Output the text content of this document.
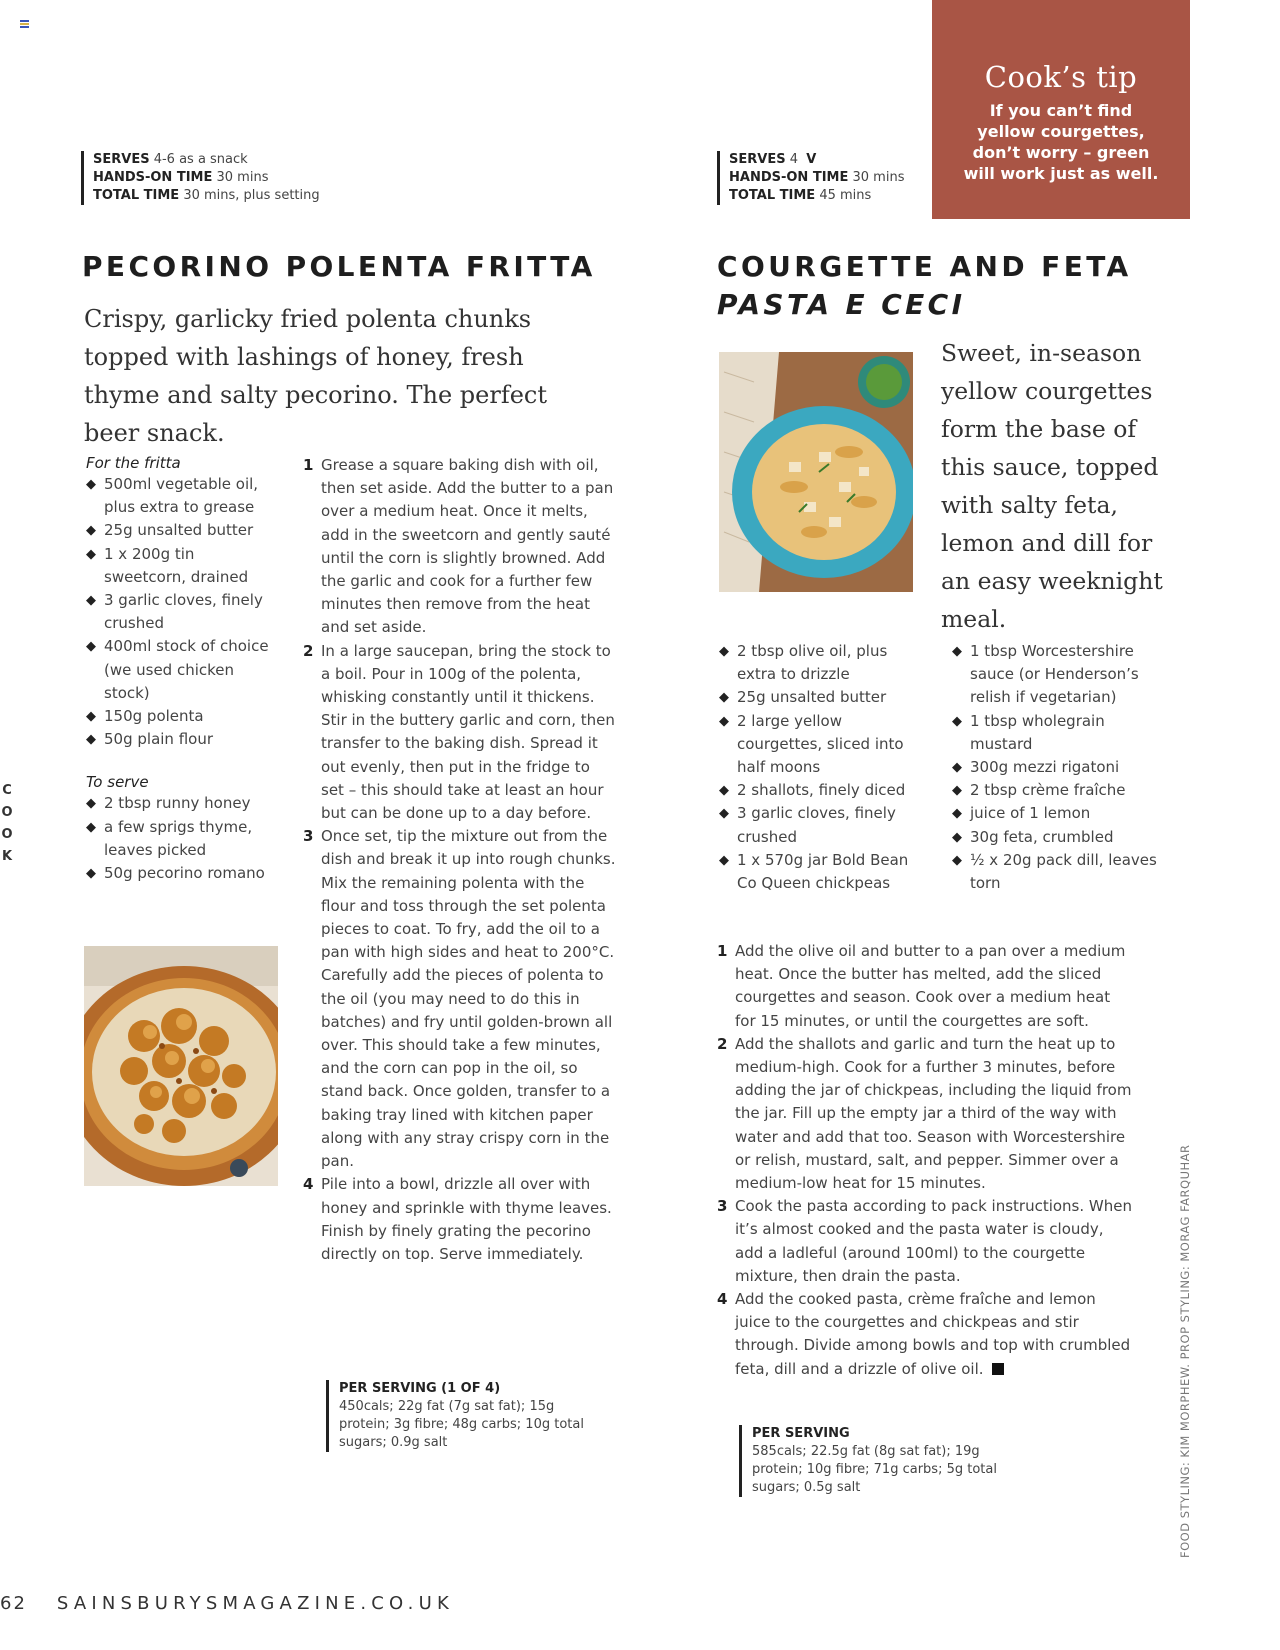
Cook’s tip
If you can’t find yellow courgettes, don’t worry – green will work just as well.
SERVES 4-6 as a snack
HANDS-ON TIME 30 mins
TOTAL TIME 30 mins, plus setting
SERVES 4 V
HANDS-ON TIME 30 mins
TOTAL TIME 45 mins
PECORINO POLENTA FRITTA	COURGETTE AND FETA
PASTA E CECI
Crispy, garlicky fried polenta chunks topped with lashings of honey, fresh thyme and salty pecorino. The perfect beer snack.
For the fritta
◆ 500ml vegetable oil, plus extra to grease
◆ 25g unsalted butter
◆ 1 x 200g tin sweetcorn, drained
◆ 3 garlic cloves, finely crushed
◆ 400ml stock of choice (we used chicken stock)
◆ 150g polenta
◆ 50g plain flour
To serve
◆ 2 tbsp runny honey
◆ a few sprigs thyme, leaves picked
◆ 50g pecorino romano
1 Grease a square baking dish with oil, then set aside. Add the butter to a pan over a medium heat. Once it melts, add in the sweetcorn and gently sauté until the corn is slightly browned. Add the garlic and cook for a further few minutes then remove from the heat and set aside.
2 In a large saucepan, bring the stock to a boil. Pour in 100g of the polenta, whisking constantly until it thickens. Stir in the buttery garlic and corn, then transfer to the baking dish. Spread it out evenly, then put in the fridge to set – this should take at least an hour but can be done up to a day before.
3 Once set, tip the mixture out from the dish and break it up into rough chunks. Mix the remaining polenta with the flour and toss through the set polenta pieces to coat. To fry, add the oil to a pan with high sides and heat to 200°C. Carefully add the pieces of polenta to the oil (you may need to do this in batches) and fry until golden-brown all over. This should take a few minutes, and the corn can pop in the oil, so stand back. Once golden, transfer to a baking tray lined with kitchen paper along with any stray crispy corn in the pan.
4 Pile into a bowl, drizzle all over with honey and sprinkle with thyme leaves. Finish by finely grating the pecorino directly on top. Serve immediately.
PER SERVING (1 OF 4)
450cals; 22g fat (7g sat fat); 15g protein; 3g fibre; 48g carbs; 10g total sugars; 0.9g salt
Sweet, in-season yellow courgettes form the base of this sauce, topped with salty feta, lemon and dill for an easy weeknight meal.
◆ 2 tbsp olive oil, plus extra to drizzle
◆ 25g unsalted butter
◆ 2 large yellow courgettes, sliced into half moons
◆ 2 shallots, finely diced
◆ 3 garlic cloves, finely crushed
◆ 1 x 570g jar Bold Bean Co Queen chickpeas
◆ 1 tbsp Worcestershire sauce (or Henderson’s relish if vegetarian)
◆ 1 tbsp wholegrain mustard
◆ 300g mezzi rigatoni
◆ 2 tbsp crème fraîche
◆ juice of 1 lemon
◆ 30g feta, crumbled
◆ ½ x 20g pack dill, leaves torn
1 Add the olive oil and butter to a pan over a medium heat. Once the butter has melted, add the sliced courgettes and season. Cook over a medium heat for 15 minutes, or until the courgettes are soft.
2 Add the shallots and garlic and turn the heat up to medium-high. Cook for a further 3 minutes, before adding the jar of chickpeas, including the liquid from the jar. Fill up the empty jar a third of the way with water and add that too. Season with Worcestershire or relish, mustard, salt, and pepper. Simmer over a medium-low heat for 15 minutes.
3 Cook the pasta according to pack instructions. When it’s almost cooked and the pasta water is cloudy, add a ladleful (around 100ml) to the courgette mixture, then drain the pasta.
4 Add the cooked pasta, crème fraîche and lemon juice to the courgettes and chickpeas and stir through. Divide among bowls and top with crumbled feta, dill and a drizzle of olive oil.
PER SERVING
585cals; 22.5g fat (8g sat fat); 19g protein; 10g fibre; 71g carbs; 5g total sugars; 0.5g salt
COOK
FOOD STYLING: KIM MORPHEW. PROP STYLING: MORAG FARQUHAR
62 SAINSBURYSMAGAZINE.CO.UK
